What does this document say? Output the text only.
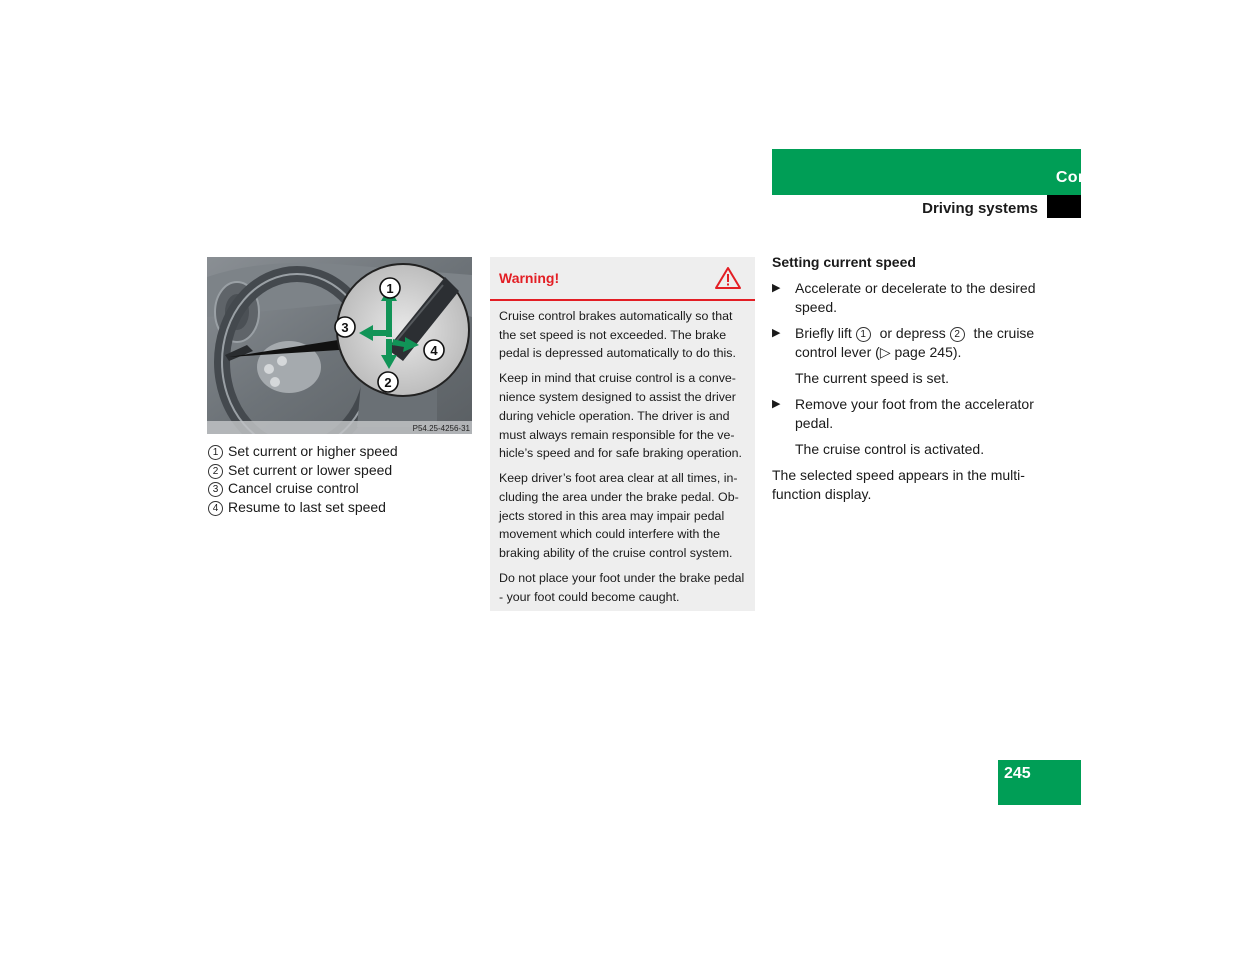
Controls in detail
Driving systems
1
2
3
4
P54.25-4256-31
1 Set current or higher speed
2 Set current or lower speed
3 Cancel cruise control
4 Resume to last set speed
Warning!

Cruise control brakes automatically so that the set speed is not exceeded. The brake pedal is depressed automatically to do this.

Keep in mind that cruise control is a conve-nience system designed to assist the driver during vehicle operation. The driver is and must always remain responsible for the ve-hicle’s speed and for safe braking operation.

Keep driver’s foot area clear at all times, in-cluding the area under the brake pedal. Ob-jects stored in this area may impair pedal movement which could interfere with the braking ability of the cruise control system.

Do not place your foot under the brake pedal - your foot could become caught.

Setting current speed
▶ Accelerate or decelerate to the desired speed.
▶ Briefly lift 1 or depress 2 the cruise control lever (▷ page 245).
The current speed is set.
▶ Remove your foot from the accelerator pedal.
The cruise control is activated.

The selected speed appears in the multi-function display.

245
